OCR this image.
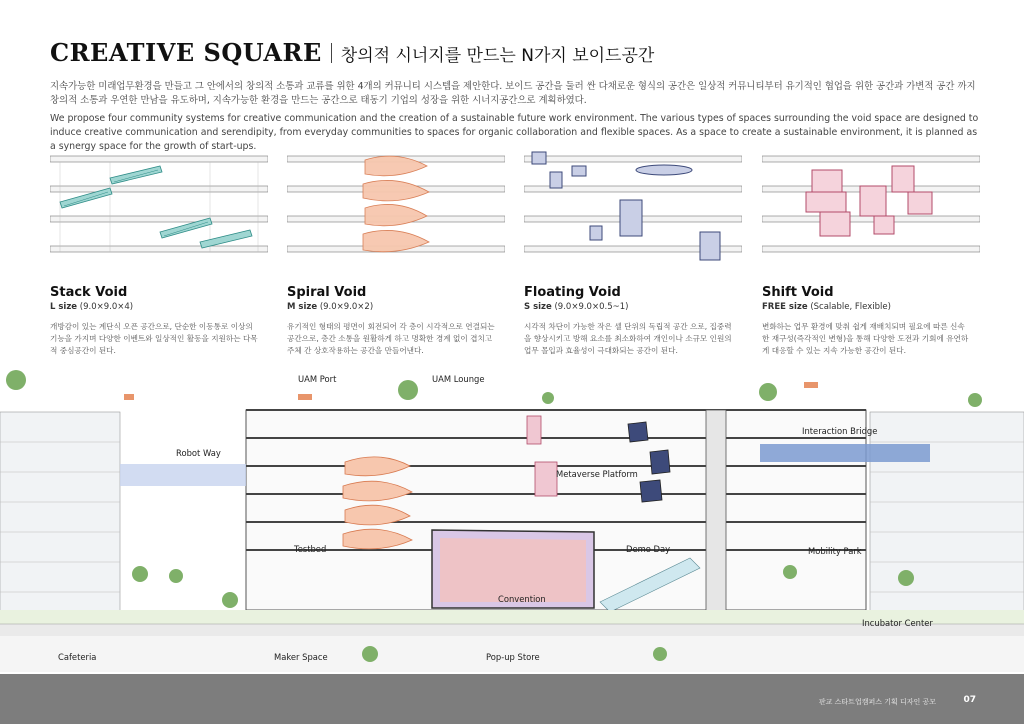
CREATIVE SQUARE 창의적 시너지를 만드는 N가지 보이드공간
지속가능한 미래업무환경을 만들고 그 안에서의 창의적 소통과 교류를 위한 4개의 커뮤니티 시스템을 제안한다. 보이드 공간을 둘러 싼 다채로운 형식의 공간은 일상적 커뮤니티부터 유기적인 협업을 위한 공간과 가변적 공간 까지 창의적 소통과 우연한 만남을 유도하며, 지속가능한 환경을 만드는 공간으로 태동기 기업의 성장을 위한 시너지공간으로 계획하였다.
We propose four community systems for creative communication and the creation of a sustainable future work environment. The various types of spaces surrounding the void space are designed to induce creative communication and serendipity, from everyday communities to spaces for organic collaboration and flexible spaces. As a space to create a sustainable environment, it is planned as a synergy space for the growth of start-ups.
Stack Void
L size (9.0×9.0×4)
개방감이 있는 계단식 오픈 공간으로, 단순한 이동통로 이상의 기능을 가지며 다양한 이벤트와 일상적인 활동을 지원하는 다목적 중심공간이 된다.
Spiral Void
M size (9.0×9.0×2)
유기적인 형태의 평면이 회전되어 각 층이 시각적으로 연결되는 공간으로, 층간 소통을 원활하게 하고 명확한 경계 없이 겹치고 주체 간 상호작용하는 공간을 만들어낸다.
Floating Void
S size (9.0×9.0×0.5~1)
시각적 차단이 가능한 작은 셀 단위의 독립적 공간 으로, 집중력을 향상시키고 방해 요소를 최소화하여 개인이나 소규모 인원의 업무 몰입과 효율성이 극대화되는 공간이 된다.
Shift Void
FREE size (Scalable, Flexible)
변화하는 업무 환경에 맞춰 쉽게 재배치되며 필요에 따른 신속한 재구성(즉각적인 변형)을 통해 다양한 도전과 기회에 유연하게 대응할 수 있는 지속 가능한 공간이 된다.
UAM Port	UAM Lounge
Robot Way
Interaction Bridge
Metaverse Platform
Testbed	Demo Day	Mobility Park
Convention
Incubator Center
Cafeteria	Maker Space	Pop-up Store
판교 스타트업캠퍼스 기획 디자인 공모	07
